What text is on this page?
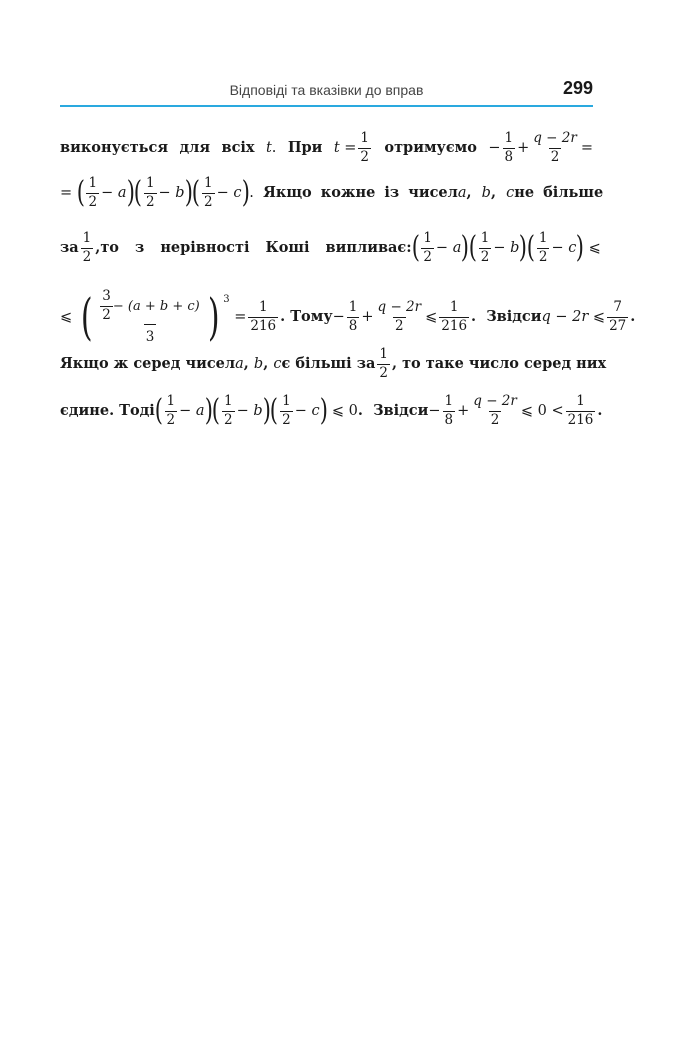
Відповіді та вказівки до вправ	299
виконується для всіх t. При $t = \frac{1}{2}$ отримуємо − $\frac{1}{8} + \frac{q - 2r}{2}$ =
= ( $\frac{1}{2} - a$ ) ( $\frac{1}{2} - b$ ) ( $\frac{1}{2} - c$ ) . Якщо кожне із чисел a , b , c не більше
за $\frac{1}{2}$ , то з нерівності Коші випливає: ( $\frac{1}{2} - a$ ) ( $\frac{1}{2} - b$ ) ( $\frac{1}{2} - c$ ) ⩽
⩽ ( $\frac{\frac{3}{2} - (a + b + c)}{3}$ ) $^3$
= $\frac{1}{216}$ . Тому − $\frac{1}{8} + \frac{q - 2r}{2}$ ⩽ $\frac{1}{216}$ . Звідси q − 2r ⩽ $\frac{7}{27}$ .
Якщо ж серед чисел a , b , c є більші за $\frac{1}{2}$ , то таке число серед них
єдине. Тоді ( $\frac{1}{2} - a$ ) ( $\frac{1}{2} - b$ ) ( $\frac{1}{2} - c$ ) ⩽ 0 . Звідси − $\frac{1}{8} + \frac{q - 2r}{2}$ ⩽ $0 < \frac{1}{216}$ .
